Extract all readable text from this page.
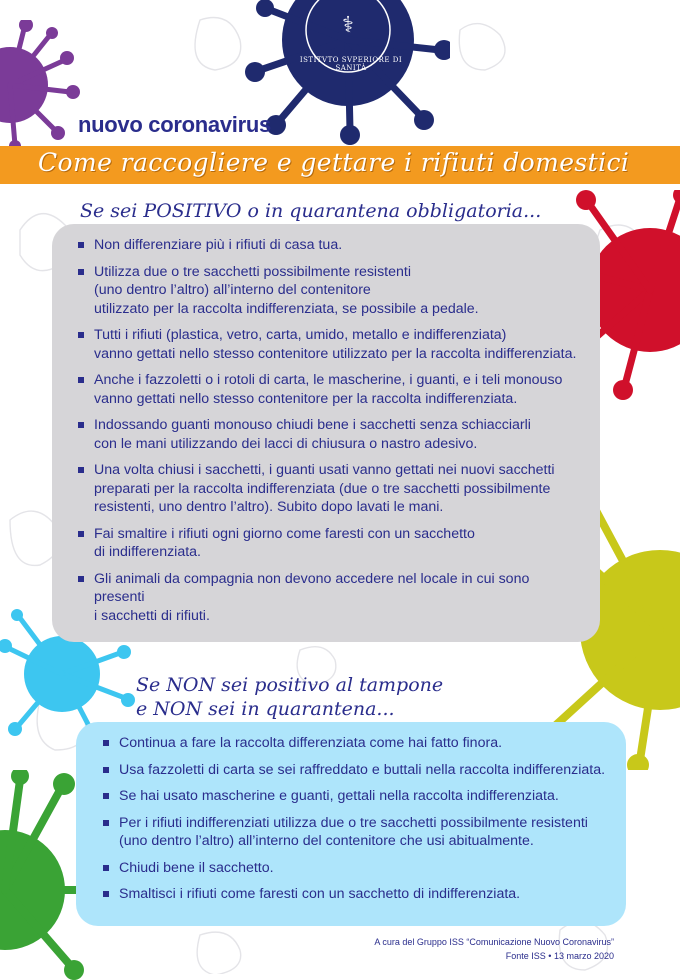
⚕
ISTITVTO SVPERIORE DI SANITÀ
nuovo coronavirus
Come raccogliere e gettare i rifiuti domestici
Se sei POSITIVO o in quarantena obbligatoria...
Non differenziare più i rifiuti di casa tua.
Utilizza due o tre sacchetti possibilmente resistenti
(uno dentro l’altro) all’interno del contenitore
utilizzato per la raccolta indifferenziata, se possibile a pedale.
Tutti i rifiuti (plastica, vetro, carta, umido, metallo e indifferenziata)
vanno gettati nello stesso contenitore utilizzato per la raccolta indifferenziata.
Anche i fazzoletti o i rotoli di carta, le mascherine, i guanti, e i teli monouso
vanno gettati nello stesso contenitore per la raccolta indifferenziata.
Indossando guanti monouso chiudi bene i sacchetti senza schiacciarli
con le mani utilizzando dei lacci di chiusura o nastro adesivo.
Una volta chiusi i sacchetti, i guanti usati vanno gettati nei nuovi sacchetti
preparati per la raccolta indifferenziata (due o tre sacchetti possibilmente
resistenti, uno dentro l’altro). Subito dopo lavati le mani.
Fai smaltire i rifiuti ogni giorno come faresti con un sacchetto
di indifferenziata.
Gli animali da compagnia non devono accedere nel locale in cui sono presenti
i sacchetti di rifiuti.
Se NON sei positivo al tampone
e NON sei in quarantena...
Continua a fare la raccolta differenziata come hai fatto finora.
Usa fazzoletti di carta se sei raffreddato e buttali nella raccolta indifferenziata.
Se hai usato mascherine e guanti, gettali nella raccolta indifferenziata.
Per i rifiuti indifferenziati utilizza due o tre sacchetti possibilmente resistenti
(uno dentro l’altro) all’interno del contenitore che usi abitualmente.
Chiudi bene il sacchetto.
Smaltisci i rifiuti come faresti con un sacchetto di indifferenziata.
A cura del Gruppo ISS “Comunicazione Nuovo Coronavirus”
Fonte ISS • 13 marzo 2020
